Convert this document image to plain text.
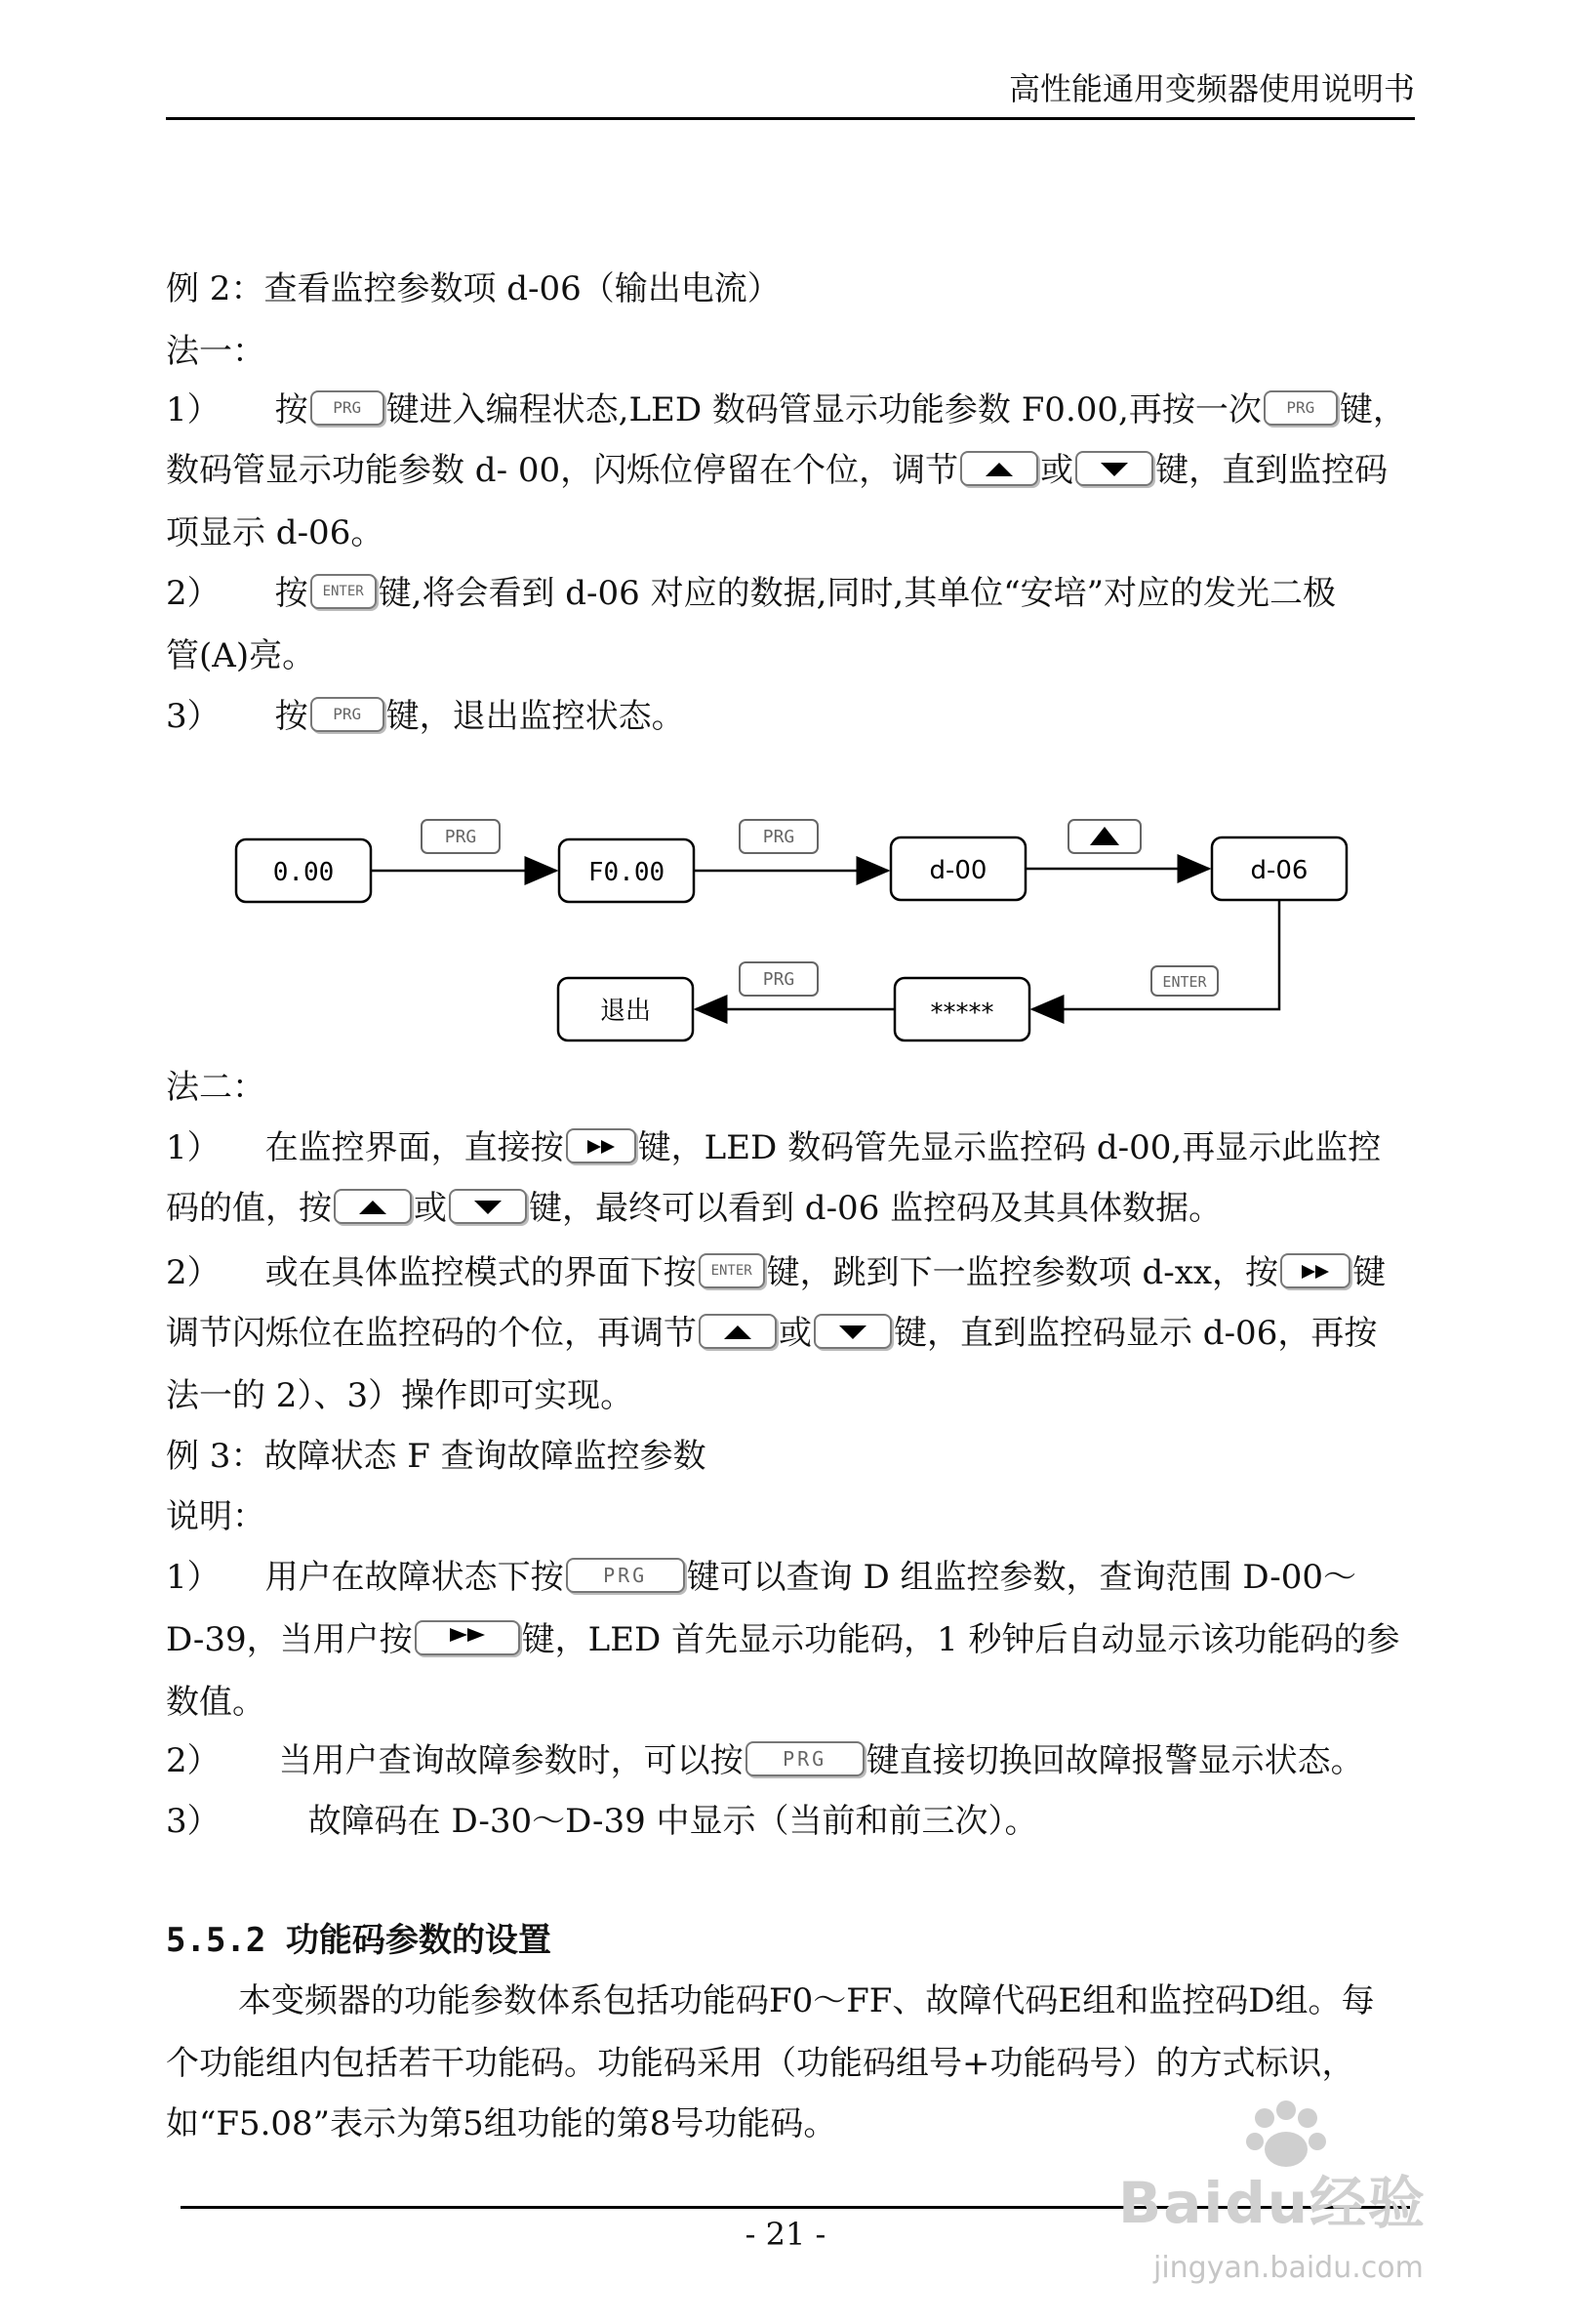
高性能通用变频器使用说明书
例 2：查看监控参数项 d-06（输出电流）
法一：
1） 按 PRG 键进入编程状态,LED 数码管显示功能参数 F0.00,再按一次 PRG 键，
数码管显示功能参数 d- 00，闪烁位停留在个位，调节 或 键，直到监控码
项显示 d-06。
2） 按 ENTER 键,将会看到 d-06 对应的数据,同时,其单位“安培”对应的发光二极
管(A)亮。
3） 按 PRG 键，退出监控状态。
0.00	F0.00	d-00	d-06
*****
退出
PRG	PRG
ENTER
PRG
法二：
1） 在监控界面，直接按 键，LED 数码管先显示监控码 d-00,再显示此监控
码的值，按 或 键，最终可以看到 d-06 监控码及其具体数据。
2） 或在具体监控模式的界面下按 ENTER 键，跳到下一监控参数项 d-xx，按 键
调节闪烁位在监控码的个位，再调节 或 键，直到监控码显示 d-06，再按
法一的 2）、3）操作即可实现。
例 3：故障状态 F 查询故障监控参数
说明：
1） 用户在故障状态下按 PRG 键可以查询 D 组监控参数，查询范围 D-00～
D-39，当用户按	键，LED 首先显示功能码，1 秒钟后自动显示该功能码的参
数值。
2） 当用户查询故障参数时，可以按 PRG 键直接切换回故障报警显示状态。
3）	故障码在 D-30～D-39 中显示（当前和前三次）。
5.5.2 功能码参数的设置
本变频器的功能参数体系包括功能码F0～FF、故障代码E组和监控码D组。每
个功能组内包括若干功能码。功能码采用（功能码组号+功能码号）的方式标识，
如“F5.08”表示为第5组功能的第8号功能码。
- 21 -	Baidu经验
jingyan.baidu.com
